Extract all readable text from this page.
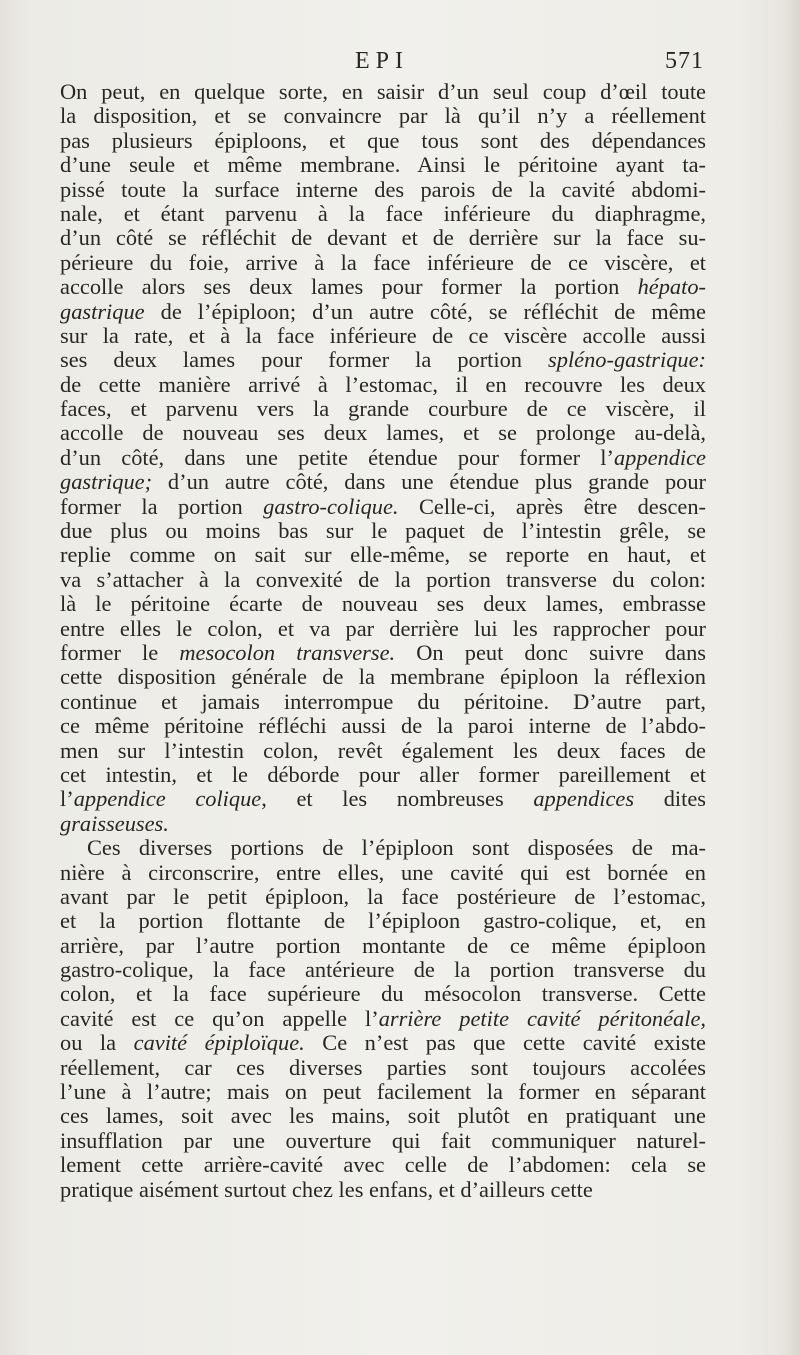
EPI	571
On peut, en quelque sorte, en saisir d’un seul coup d’œil toute
la disposition, et se convaincre par là qu’il n’y a réellement
pas plusieurs épiploons, et que tous sont des dépendances
d’une seule et même membrane. Ainsi le péritoine ayant ta-
pissé toute la surface interne des parois de la cavité abdomi-
nale, et étant parvenu à la face inférieure du diaphragme,
d’un côté se réfléchit de devant et de derrière sur la face su-
périeure du foie, arrive à la face inférieure de ce viscère, et
accolle alors ses deux lames pour former la portion hépato-
gastrique de l’épiploon; d’un autre côté, se réfléchit de même
sur la rate, et à la face inférieure de ce viscère accolle aussi
ses deux lames pour former la portion spléno-gastrique:
de cette manière arrivé à l’estomac, il en recouvre les deux
faces, et parvenu vers la grande courbure de ce viscère, il
accolle de nouveau ses deux lames, et se prolonge au-delà,
d’un côté, dans une petite étendue pour former l’appendice
gastrique; d’un autre côté, dans une étendue plus grande pour
former la portion gastro-colique. Celle-ci, après être descen-
due plus ou moins bas sur le paquet de l’intestin grêle, se
replie comme on sait sur elle-même, se reporte en haut, et
va s’attacher à la convexité de la portion transverse du colon:
là le péritoine écarte de nouveau ses deux lames, embrasse
entre elles le colon, et va par derrière lui les rapprocher pour
former le mesocolon transverse. On peut donc suivre dans
cette disposition générale de la membrane épiploon la réflexion
continue et jamais interrompue du péritoine. D’autre part,
ce même péritoine réfléchi aussi de la paroi interne de l’abdo-
men sur l’intestin colon, revêt également les deux faces de
cet intestin, et le déborde pour aller former pareillement et
l’appendice colique, et les nombreuses appendices dites
graisseuses.
Ces diverses portions de l’épiploon sont disposées de ma-
nière à circonscrire, entre elles, une cavité qui est bornée en
avant par le petit épiploon, la face postérieure de l’estomac,
et la portion flottante de l’épiploon gastro-colique, et, en
arrière, par l’autre portion montante de ce même épiploon
gastro-colique, la face antérieure de la portion transverse du
colon, et la face supérieure du mésocolon transverse. Cette
cavité est ce qu’on appelle l’arrière petite cavité péritonéale,
ou la cavité épiploïque. Ce n’est pas que cette cavité existe
réellement, car ces diverses parties sont toujours accolées
l’une à l’autre; mais on peut facilement la former en séparant
ces lames, soit avec les mains, soit plutôt en pratiquant une
insufflation par une ouverture qui fait communiquer naturel-
lement cette arrière-cavité avec celle de l’abdomen: cela se
pratique aisément surtout chez les enfans, et d’ailleurs cette
